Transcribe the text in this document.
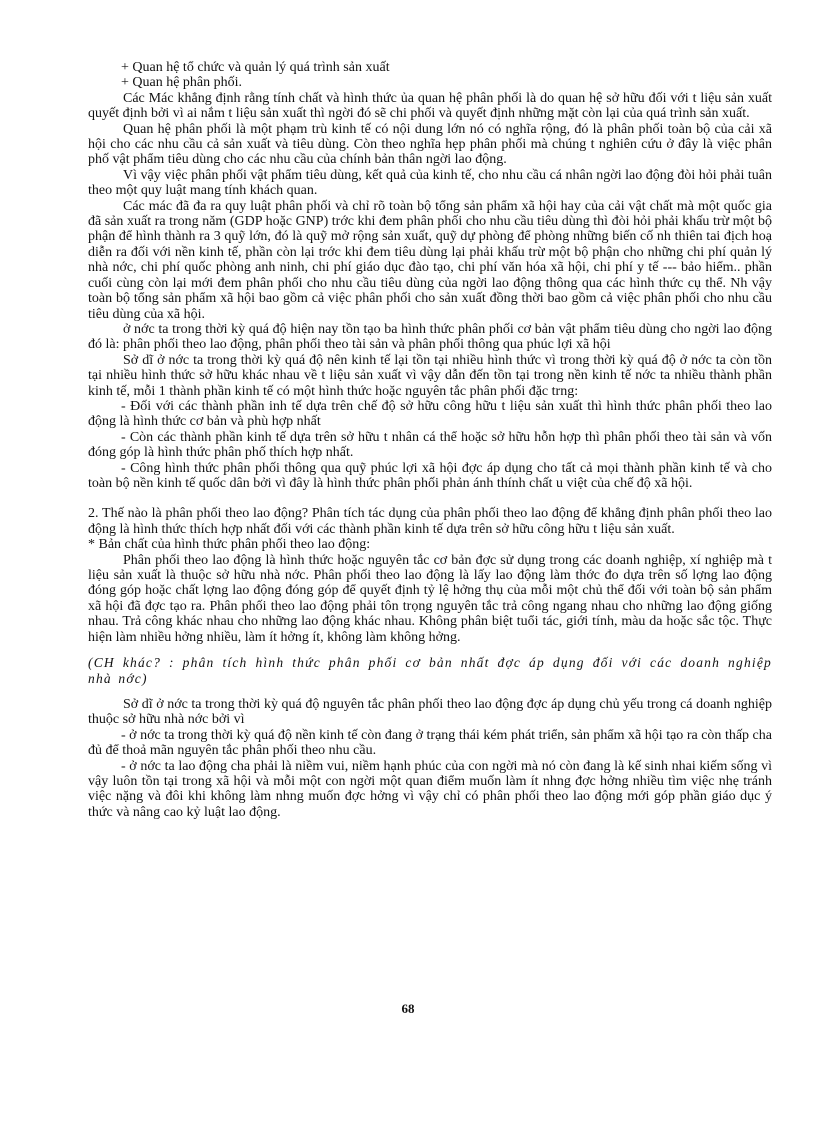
+ Quan hệ tổ chức và quản lý quá trình sản xuất

+ Quan hệ phân phối.

Các Mác khẳng định rằng tính chất và hình thức ủa quan hệ phân phối là do quan hệ sở hữu đối với t liệu sản xuất quyết định bởi vì ai nắm t liệu sản xuất thì ngời đó sẽ chi phối và quyết định những mặt còn lại của quá trình sản xuất.

Quan hệ phân phối là một phạm trù kinh tế có nội dung lớn nó có nghĩa rộng, đó là phân phối toàn bộ của cải xã hội cho các nhu cầu cả sản xuất và tiêu dùng. Còn theo nghĩa hẹp phân phối mà chúng t nghiên cứu ở đây là việc phân phố vật phẩm tiêu dùng cho các nhu cầu của chính bản thân ngời lao động.

Vì vậy việc phân phối vật phẩm tiêu dùng, kết quả của kinh tế, cho nhu cầu cá nhân ngời lao động đòi hỏi phải tuân theo một quy luật mang tính khách quan.

Các mác đã đa ra quy luật phân phối và chỉ rõ toàn bộ tổng sản phẩm xã hội hay của cải vật chất mà một quốc gia đã sản xuất ra trong năm (GDP hoặc GNP) trớc khi đem phân phối cho nhu cầu tiêu dùng thì đòi hỏi phải khấu trừ một bộ phận để hình thành ra 3 quỹ lớn, đó là quỹ mở rộng sản xuất, quỹ dự phòng để phòng những biến cố nh thiên tai địch hoạ diễn ra đối với nền kinh tế, phần còn lại trớc khi đem tiêu dùng lại phải khấu trừ một bộ phận cho những chi phí quản lý nhà nớc, chi phí quốc phòng anh ninh, chi phí giáo dục đào tạo, chi phí văn hóa xã hội, chi phí y tế --- bảo hiểm.. phần cuối cùng còn lại mới đem phân phối cho nhu cầu tiêu dùng của ngời lao động thông qua các hình thức cụ thể. Nh vậy toàn bộ tổng sản phẩm xã hội bao gồm cả việc phân phối cho sản xuất đồng thời bao gồm cả việc phân phối cho nhu cầu tiêu dùng của xã hội.

ở nớc ta trong thời kỳ quá độ hiện nay tồn tạo ba hình thức phân phối cơ bản vật phẩm tiêu dùng cho ngời lao động đó là: phân phối theo lao động, phân phối theo tài sản và phân phối thông qua phúc lợi xã hội

Sở dĩ ở nớc ta trong thời kỳ quá độ nên kinh tế lại tồn tại nhiều hình thức vì trong thời kỳ quá độ ở nớc ta còn tồn tại nhiều hình thức sở hữu khác nhau về t liệu sản xuất vì vậy dẫn đến tồn tại trong nền kinh tế nớc ta nhiều thành phần kinh tế, mỗi 1 thành phần kinh tế có một hình thức hoặc nguyên tắc phân phối đặc trng:

- Đối với các thành phần inh tế dựa trên chế độ sở hữu công hữu t liệu sản xuất thì hình thức phân phối theo lao động là hình thức cơ bản và phù hợp nhất

- Còn các thành phần kinh tế dựa trên sở hữu t nhân cá thể hoặc sở hữu hỗn hợp thì phân phối theo tài sản và vốn đóng góp là hình thức phân phố thích hợp nhất.

- Công hình thức phân phối thông qua quỹ phúc lợi xã hội đợc áp dụng cho tất cả mọi thành phần kinh tế và cho toàn bộ nền kinh tế quốc dân bởi vì đây là hình thức phân phối phản ánh thính chất u việt của chế độ xã hội.

2. Thế nào là phân phối theo lao động? Phân tích tác dụng của phân phối theo lao động để khẳng định phân phối theo lao động là hình thức thích hợp nhất đối với các thành phần kinh tế dựa trên sở hữu công hữu t liệu sản xuất.

* Bản chất của hình thức phân phối theo lao động:

Phân phối theo lao động là hình thức hoặc nguyên tắc cơ bản đợc sử dụng trong các doanh nghiệp, xí nghiệp mà t liệu sản xuất là thuộc sở hữu nhà nớc. Phân phối theo lao động là lấy lao động làm thớc đo dựa trên số lợng lao động đóng góp hoặc chất lợng lao động đóng góp để quyết định tỷ lệ hởng thụ của mỗi một chủ thể đối với toàn bộ sản phẩm xã hội đã đợc tạo ra. Phân phối theo lao động phải tôn trọng nguyên tắc trả công ngang nhau cho những lao động giống nhau. Trả công khác nhau cho những lao động khác nhau. Không phân biệt tuổi tác, giới tính, màu da hoặc sắc tộc. Thực hiện làm nhiều hởng nhiều, làm ít hởng ít, không làm không hởng.

(CH khác? : phân tích hình thức phân phối cơ bản nhất đợc áp dụng đối với các doanh nghiệp nhà nớc)

Sở dĩ ở nớc ta trong thời kỳ quá độ nguyên tắc phân phối theo lao động đợc áp dụng chủ yếu trong cá doanh nghiệp thuộc sở hữu nhà nớc bởi vì

- ở nớc ta trong thời kỳ quá độ nền kinh tế còn đang ở trạng thái kém phát triển, sản phẩm xã hội tạo ra còn thấp cha đủ để thoả mãn nguyên tắc phân phối theo nhu cầu.

- ở nớc ta lao động cha phải là niềm vui, niềm hạnh phúc của con ngời mà nó còn đang là kế sinh nhai kiếm sống vì vậy luôn tồn tại trong xã hội và mỗi một con ngời một quan điểm muốn làm ít nhng đợc hởng nhiều tìm việc nhẹ tránh việc nặng và đôi khi không làm nhng muốn đợc hởng vì vậy chỉ có phân phối theo lao động mới góp phần giáo dục ý thức và nâng cao kỷ luật lao động.

68
